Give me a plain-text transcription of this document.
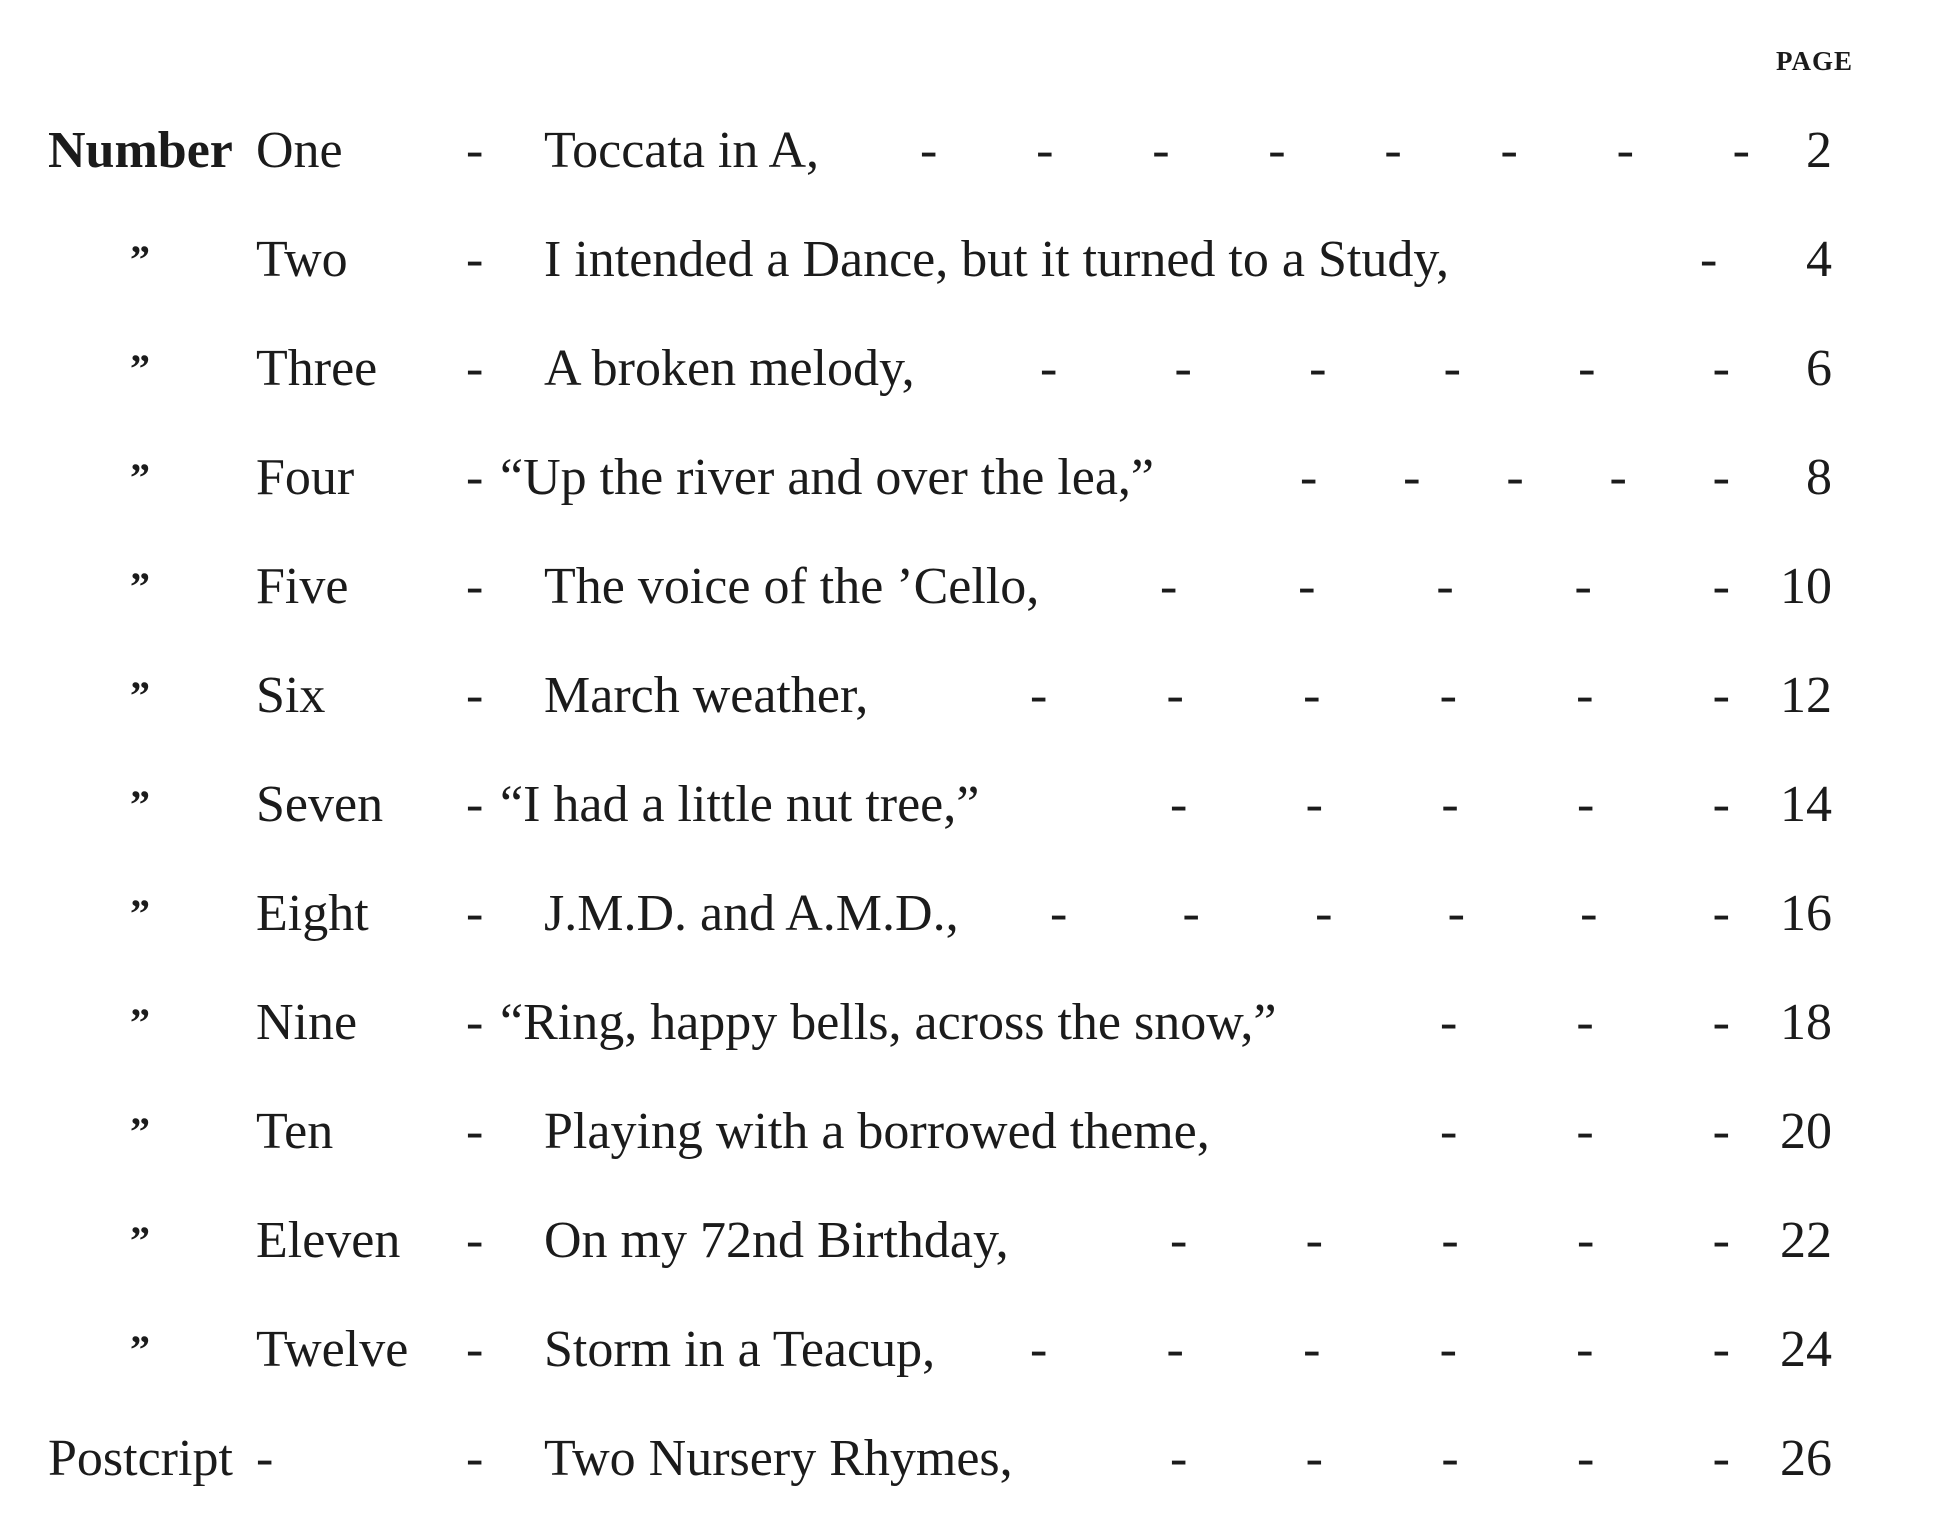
PAGE
Number One - Toccata in A, - - - - - - - -	2
” Two - I intended a Dance, but it turned to a Study,	-	4
” Three - A broken melody, - - - - - -	6
” Four - “Up the river and over the lea,”	- - - - -	8
” Five - The voice of the ’Cello, - - - - - 10
” Six	- March weather,	- - - - - - 12
” Seven - “I had a little nut tree,”	- - - - - 14
” Eight - J.M.D. and A.M.D., - - - - - - 16
” Nine - “Ring, happy bells, across the snow,”	- - - 18
” Ten	- Playing with a borrowed theme,	- - - 20
” Eleven - On my 72nd Birthday,	- - - - - 22
” Twelve - Storm in a Teacup, - - - - - - 24
Postcript -	- Two Nursery Rhymes,	- - - - - 26
